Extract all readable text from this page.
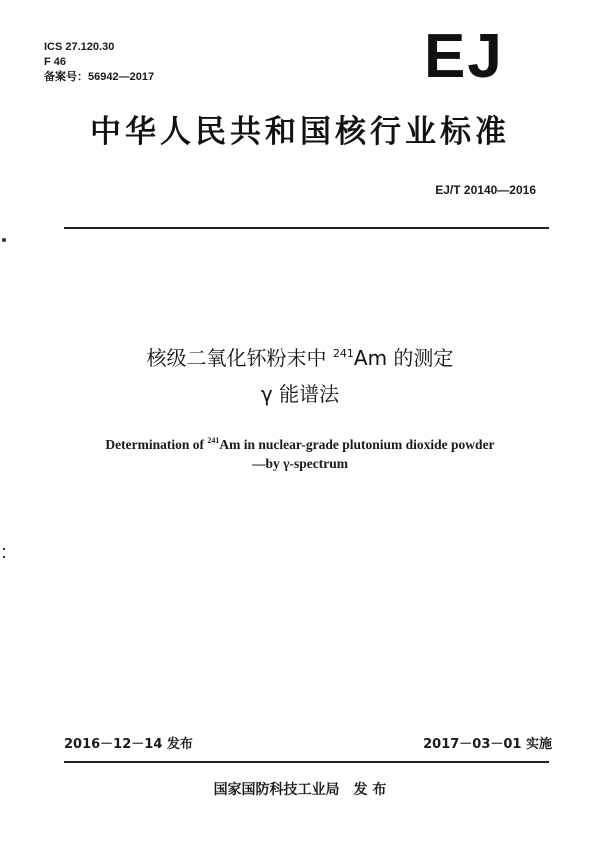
ICS 27.120.30
F 46
备案号：56942—2017	EJ
中华人民共和国核行业标准
EJ/T 20140—2016
核级二氧化钚粉末中 $^{241}$Am 的测定
γ 能谱法
Determination of $^{241}$Am in nuclear-grade plutonium dioxide powder
—by γ-spectrum
2016－12－14 发布	2017－03－01 实施
国家国防科技工业局　发 布
